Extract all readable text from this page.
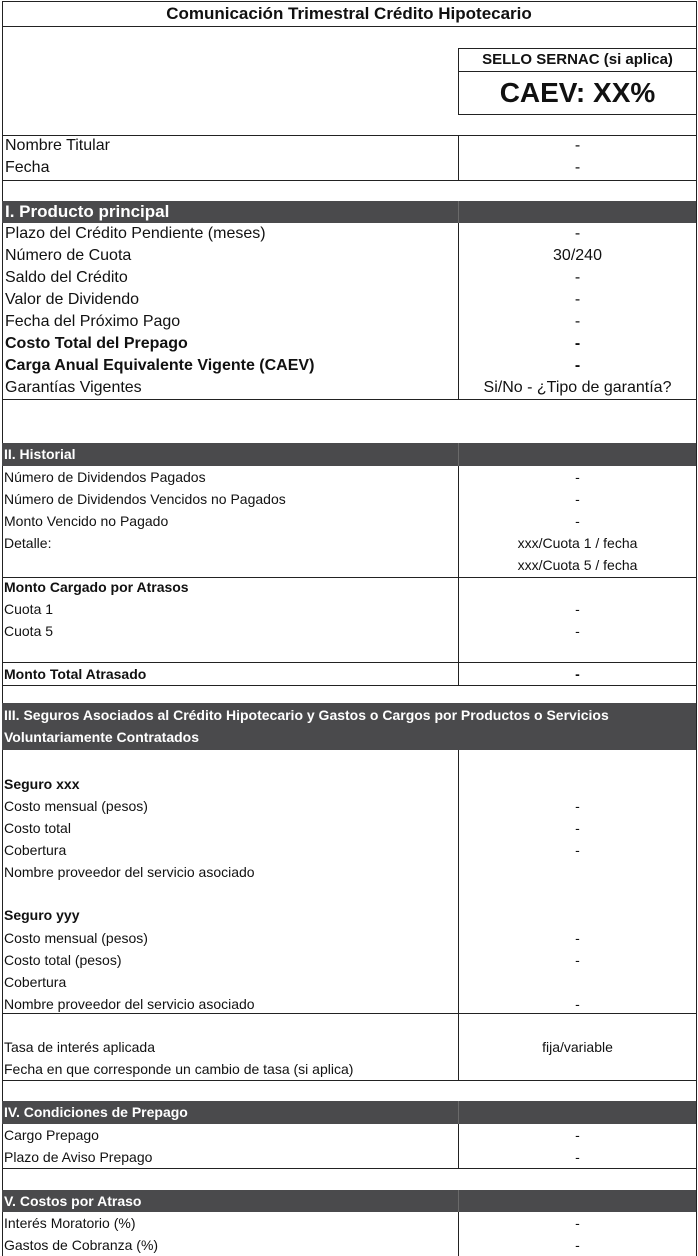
Comunicación Trimestral Crédito Hipotecario
SELLO SERNAC (si aplica)
CAEV: XX%
Nombre Titular	-
Fecha	-
I. Producto principal
Plazo del Crédito Pendiente (meses)	-
Número de Cuota	30/240
Saldo del Crédito	-
Valor de Dividendo	-
Fecha del Próximo Pago	-
Costo Total del Prepago	-
Carga Anual Equivalente Vigente (CAEV)	-
Garantías Vigentes	Si/No - ¿Tipo de garantía?
II. Historial
Número de Dividendos Pagados	-
Número de Dividendos Vencidos no Pagados	-
Monto Vencido no Pagado	-
Detalle:	xxx/Cuota 1 / fecha
xxx/Cuota 5 / fecha
Monto Cargado por Atrasos
Cuota 1	-
Cuota 5	-
Monto Total Atrasado	-
III. Seguros Asociados al Crédito Hipotecario y Gastos o Cargos por Productos o Servicios
Voluntariamente Contratados
Seguro xxx
Costo mensual (pesos)	-
Costo total	-
Cobertura	-
Nombre proveedor del servicio asociado
Seguro yyy
Costo mensual (pesos)	-
Costo total (pesos)	-
Cobertura
Nombre proveedor del servicio asociado	-
Tasa de interés aplicada	fija/variable
Fecha en que corresponde un cambio de tasa (si aplica)
IV. Condiciones de Prepago
Cargo Prepago	-
Plazo de Aviso Prepago	-
V. Costos por Atraso
Interés Moratorio (%)	-
Gastos de Cobranza (%)	-
